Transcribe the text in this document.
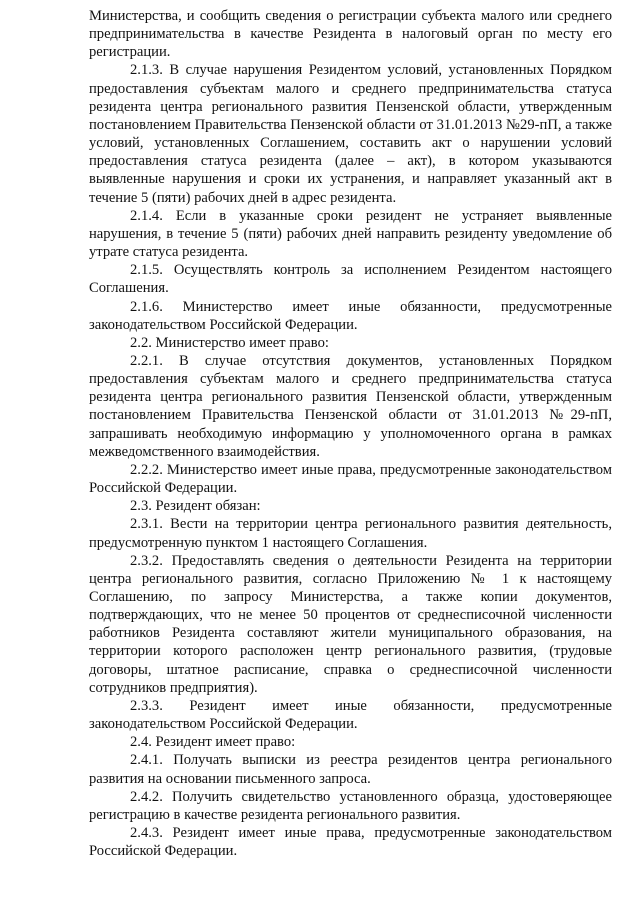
Министерства, и сообщить сведения о регистрации субъекта малого или среднего предпринимательства в качестве Резидента в налоговый орган по месту его регистрации.

2.1.3. В случае нарушения Резидентом условий, установленных Порядком предоставления субъектам малого и среднего предпринимательства статуса резидента центра регионального развития Пензенской области, утвержденным постановлением Правительства Пензенской области от 31.01.2013 №29-пП, а также условий, установленных Соглашением, составить акт о нарушении условий предоставления статуса резидента (далее – акт), в котором указываются выявленные нарушения и сроки их устранения, и направляет указанный акт в течение 5 (пяти) рабочих дней в адрес резидента.

2.1.4. Если в указанные сроки резидент не устраняет выявленные нарушения, в течение 5 (пяти) рабочих дней направить резиденту уведомление об утрате статуса резидента.

2.1.5. Осуществлять контроль за исполнением Резидентом настоящего Соглашения.

2.1.6. Министерство имеет иные обязанности, предусмотренные законодательством Российской Федерации.

2.2. Министерство имеет право:

2.2.1. В случае отсутствия документов, установленных Порядком предоставления субъектам малого и среднего предпринимательства статуса резидента центра регионального развития Пензенской области, утвержденным постановлением Правительства Пензенской области от 31.01.2013 №29-пП, запрашивать необходимую информацию у уполномоченного органа в рамках межведомственного взаимодействия.

2.2.2. Министерство имеет иные права, предусмотренные законодательством Российской Федерации.

2.3. Резидент обязан:

2.3.1. Вести на территории центра регионального развития деятельность, предусмотренную пунктом 1 настоящего Соглашения.

2.3.2. Предоставлять сведения о деятельности Резидента на территории центра регионального развития, согласно Приложению № 1 к настоящему Соглашению, по запросу Министерства, а также копии документов, подтверждающих, что не менее 50 процентов от среднесписочной численности работников Резидента составляют жители муниципального образования, на территории которого расположен центр регионального развития, (трудовые договоры, штатное расписание, справка о среднесписочной численности сотрудников предприятия).

2.3.3. Резидент имеет иные обязанности, предусмотренные законодательством Российской Федерации.

2.4. Резидент имеет право:

2.4.1. Получать выписки из реестра резидентов центра регионального развития на основании письменного запроса.

2.4.2. Получить свидетельство установленного образца, удостоверяющее регистрацию в качестве резидента регионального развития.

2.4.3. Резидент имеет иные права, предусмотренные законодательством Российской Федерации.
